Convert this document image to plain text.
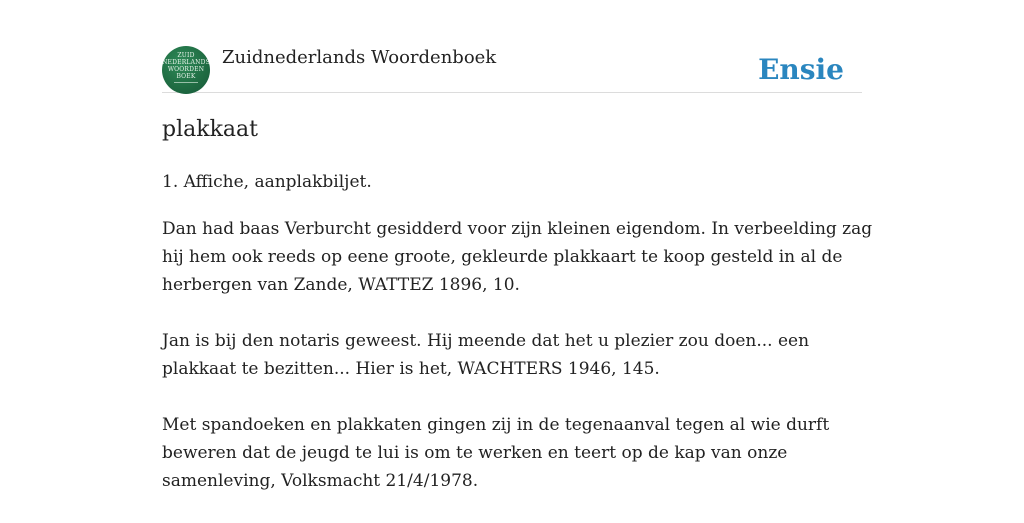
ZUID
NEDERLANDS
WOORDEN
BOEK
Zuidnederlands Woordenboek	Ensie
plakkaat
1. Affiche, aanplakbiljet.

Dan had baas Verburcht gesidderd voor zijn kleinen eigendom. In verbeelding zag
hij hem ook reeds op eene groote, gekleurde plakkaart te koop gesteld in al de
herbergen van Zande, WATTEZ 1896, 10.

Jan is bij den notaris geweest. Hij meende dat het u plezier zou doen... een
plakkaat te bezitten... Hier is het, WACHTERS 1946, 145.

Met spandoeken en plakkaten gingen zij in de tegenaanval tegen al wie durft
beweren dat de jeugd te lui is om te werken en teert op de kap van onze
samenleving, Volksmacht 21/4/1978.
